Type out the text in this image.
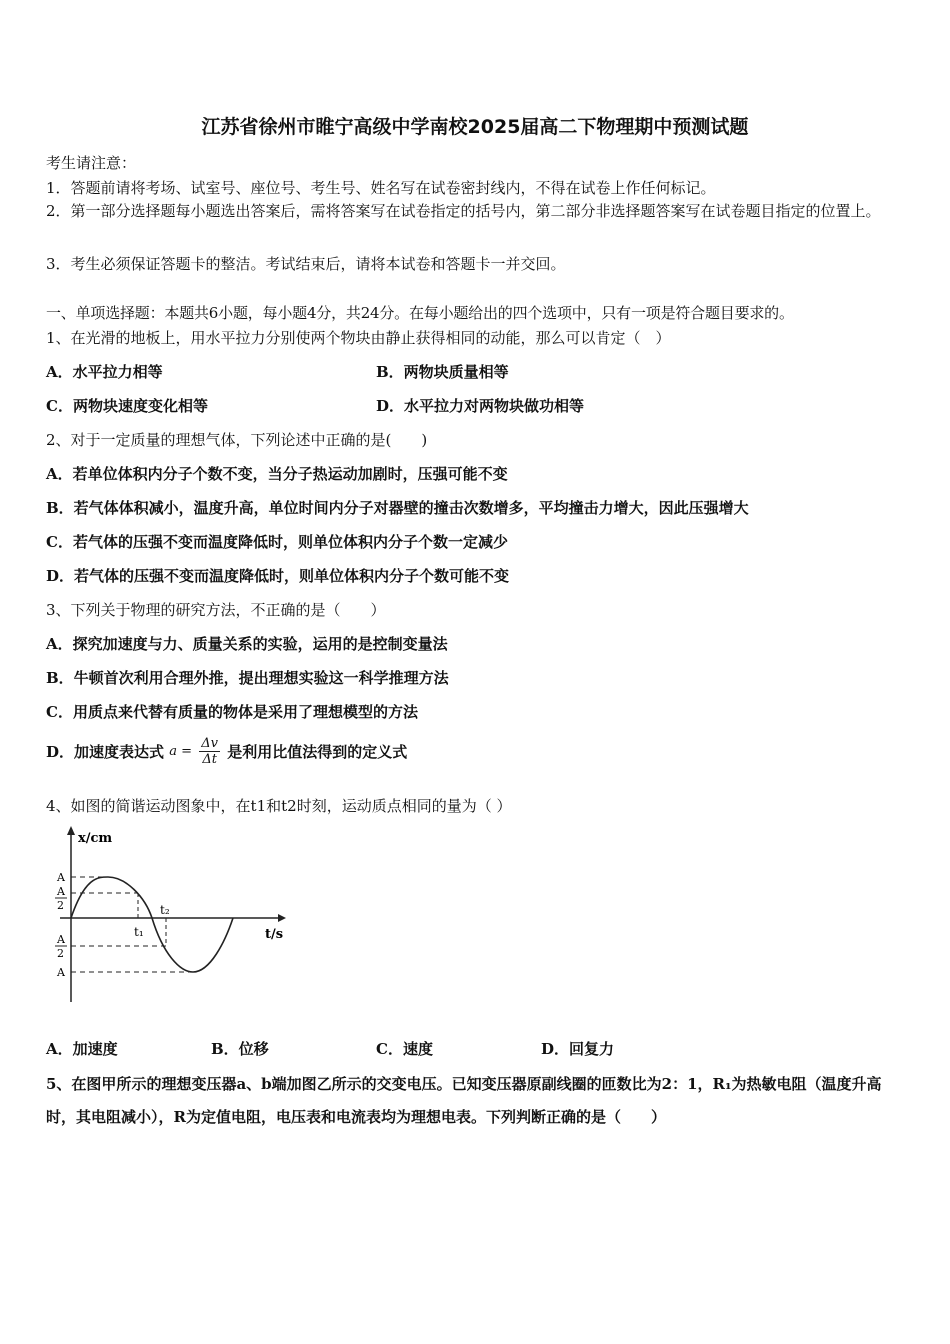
江苏省徐州市睢宁高级中学南校2025届高二下物理期中预测试题
考生请注意：
1．答题前请将考场、试室号、座位号、考生号、姓名写在试卷密封线内，不得在试卷上作任何标记。
2．第一部分选择题每小题选出答案后，需将答案写在试卷指定的括号内，第二部分非选择题答案写在试卷题目指定的位置上。
3．考生必须保证答题卡的整洁。考试结束后，请将本试卷和答题卡一并交回。
一、单项选择题：本题共6小题，每小题4分，共24分。在每小题给出的四个选项中，只有一项是符合题目要求的。
1、在光滑的地板上，用水平拉力分别使两个物块由静止获得相同的动能，那么可以肯定（　）
A．水平拉力相等	B．两物块质量相等
C．两物块速度变化相等	D．水平拉力对两物块做功相等
2、对于一定质量的理想气体，下列论述中正确的是(　　)
A．若单位体积内分子个数不变，当分子热运动加剧时，压强可能不变
B．若气体体积减小，温度升高，单位时间内分子对器壁的撞击次数增多，平均撞击力增大，因此压强增大
C．若气体的压强不变而温度降低时，则单位体积内分子个数一定减少
D．若气体的压强不变而温度降低时，则单位体积内分子个数可能不变
3、下列关于物理的研究方法，不正确的是（　　）
A．探究加速度与力、质量关系的实验，运用的是控制变量法
B．牛顿首次利用合理外推，提出理想实验这一科学推理方法
C．用质点来代替有质量的物体是采用了理想模型的方法
D．加速度表达式 $a = \frac{\Delta v}{\Delta t}$ 是利用比值法得到的定义式
4、如图的简谐运动图象中，在t1和t2时刻，运动质点相同的量为（ ）
x/cm
t/s
A
A
2
A
2
A
t₁
t₂
A．加速度	B．位移	C．速度	D．回复力
5、在图甲所示的理想变压器a、b端加图乙所示的交变电压。已知变压器原副线圈的匝数比为2：1，R₁为热敏电阻（温度升高时，其电阻减小），R为定值电阻，电压表和电流表均为理想电表。下列判断正确的是（　　）
